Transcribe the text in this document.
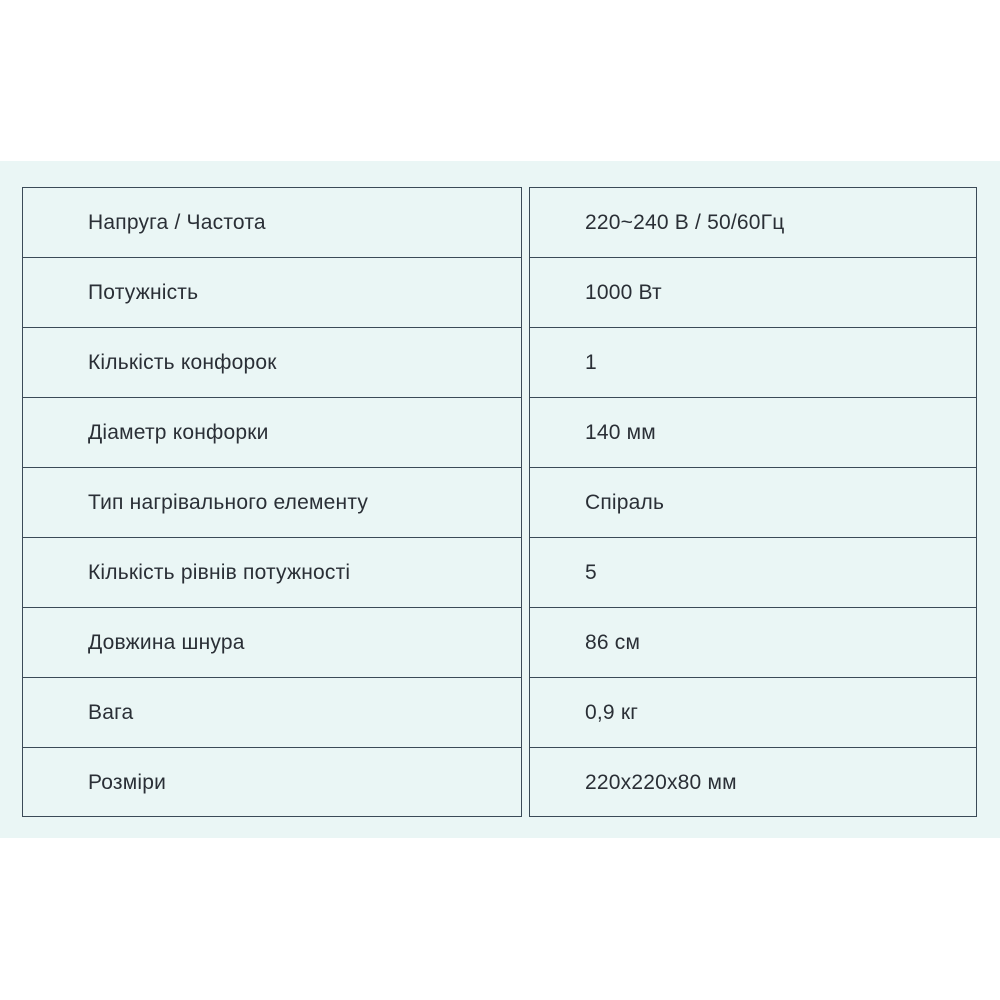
Напруга / Частота
Потужність
Кількість конфорок
Діаметр конфорки
Тип нагрівального елементу
Кількість рівнів потужності
Довжина шнура
Вага
Розміри
220~240 В / 50/60Гц
1000 Вт
1
140 мм
Спіраль
5
86 см
0,9 кг
220x220x80 мм
